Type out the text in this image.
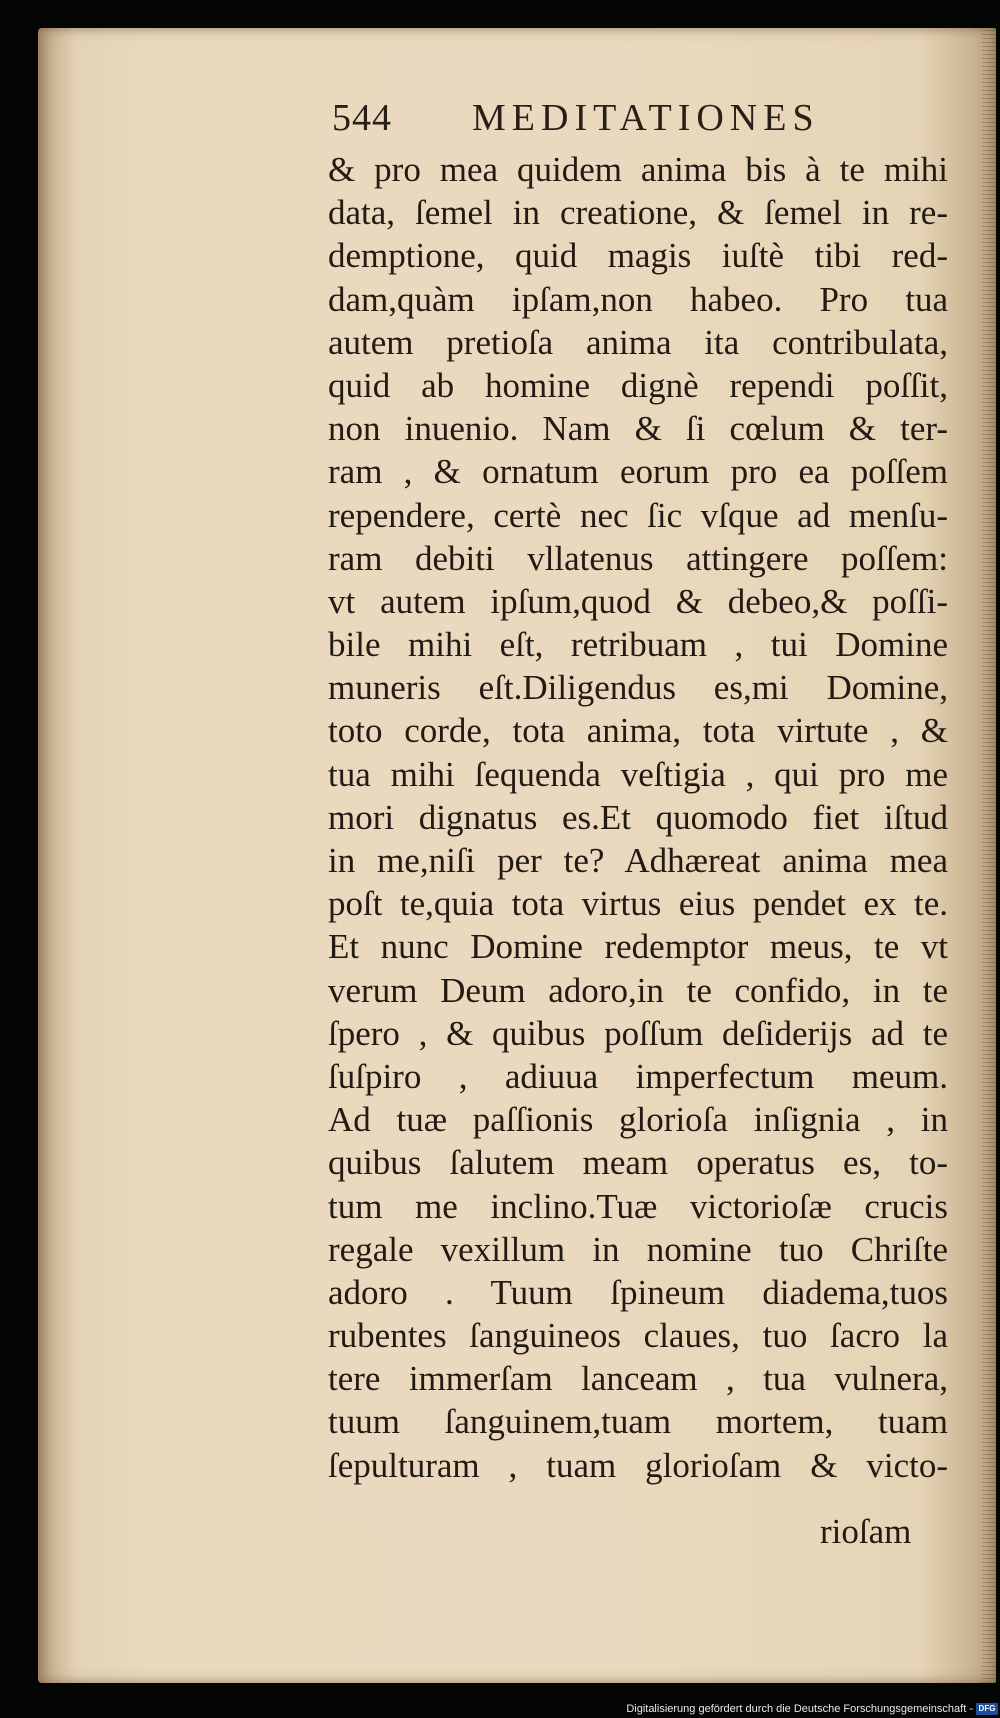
544 MEDITATIONES
& pro mea quidem anima bis à te mihi
data, ſemel in creatione, & ſemel in re-
demptione, quid magis iuſtè tibi red-
dam,quàm ipſam,non habeo. Pro tua
autem pretioſa anima ita contribulata,
quid ab homine dignè rependi poſſit,
non inuenio. Nam & ſi cœlum & ter-
ram , & ornatum eorum pro ea poſſem
rependere, certè nec ſic vſque ad menſu-
ram debiti vllatenus attingere poſſem:
vt autem ipſum,quod & debeo,& poſſi-
bile mihi eſt, retribuam , tui Domine
muneris eſt.Diligendus es,mi Domine,
toto corde, tota anima, tota virtute , &
tua mihi ſequenda veſtigia , qui pro me
mori dignatus es.Et quomodo fiet iſtud
in me,niſi per te? Adhæreat anima mea
poſt te,quia tota virtus eius pendet ex te.
Et nunc Domine redemptor meus, te vt
verum Deum adoro,in te confido, in te
ſpero , & quibus poſſum deſiderijs ad te
ſuſpiro , adiuua imperfectum meum.
Ad tuæ paſſionis glorioſa inſignia , in
quibus ſalutem meam operatus es, to-
tum me inclino.Tuæ victorioſæ crucis
regale vexillum in nomine tuo Chriſte
adoro . Tuum ſpineum diadema,tuos
rubentes ſanguineos claues, tuo ſacro la
tere immerſam lanceam , tua vulnera,
tuum ſanguinem,tuam mortem, tuam
ſepulturam , tuam glorioſam & victo-
rioſam
Digitalisierung gefördert durch die Deutsche Forschungsgemeinschaft - DFG
